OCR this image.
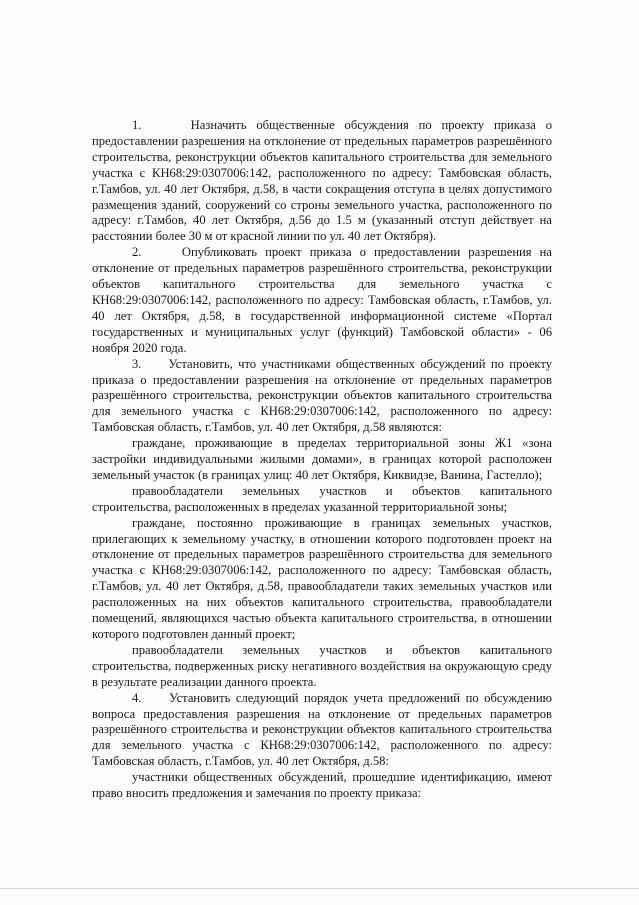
1.	Назначить общественные обсуждения по проекту приказа о предоставлении разрешения на отклонение от предельных параметров разрешённого строительства, реконструкции объектов капитального строительства для земельного участка с КН68:29:0307006:142, расположенного по адресу: Тамбовская область, г.Тамбов, ул. 40 лет Октября, д.58, в части сокращения отступа в целях допустимого размещения зданий, сооружений со строны земельного участка, расположенного по адресу: г.Тамбов, 40 лет Октября, д.56 до 1.5 м (указанный отступ действует на расстоянии более 30 м от красной линии по ул. 40 лет Октября).

2.	Опубликовать проект приказа о предоставлении разрешения на отклонение от предельных параметров разрешённого строительства, реконструкции объектов капитального строительства для земельного участка с КН68:29:0307006:142, расположенного по адресу: Тамбовская область, г.Тамбов, ул. 40 лет Октября, д.58, в государственной информационной системе «Портал государственных и муниципальных услуг (функций) Тамбовской области» - 06 ноября 2020 года.

3. Установить, что участниками общественных обсуждений по проекту приказа о предоставлении разрешения на отклонение от предельных параметров разрешённого строительства, реконструкции объектов капитального строительства для земельного участка с КН68:29:0307006:142, расположенного по адресу: Тамбовская область, г.Тамбов, ул. 40 лет Октября, д.58 являются:

граждане, проживающие в пределах территориальной зоны Ж1 «зона застройки индивидуальными жилыми домами», в границах которой расположен земельный участок (в границах улиц: 40 лет Октября, Киквидзе, Ванина, Гастелло);

правообладатели земельных участков и объектов капитального строительства, расположенных в пределах указанной территориальной зоны;

граждане, постоянно проживающие в границах земельных участков, прилегающих к земельному участку, в отношении которого подготовлен проект на отклонение от предельных параметров разрешённого строительства для земельного участка с КН68:29:0307006:142, расположенного по адресу: Тамбовская область, г.Тамбов, ул. 40 лет Октября, д.58, правообладатели таких земельных участков или расположенных на них объектов капитального строительства, правообладатели помещений, являющихся частью объекта капитального строительства, в отношении которого подготовлен данный проект;

правообладатели земельных участков и объектов капитального строительства, подверженных риску негативного воздействия на окружающую среду в результате реализации данного проекта.

4. Установить следующий порядок учета предложений по обсуждению вопроса предоставления разрешения на отклонение от предельных параметров разрешённого строительства и реконструкции объектов капитального строительства для земельного участка с КН68:29:0307006:142, расположенного по адресу: Тамбовская область, г.Тамбов, ул. 40 лет Октября, д.58:

участники общественных обсуждений, прошедшие идентификацию, имеют право вносить предложения и замечания по проекту приказа:
